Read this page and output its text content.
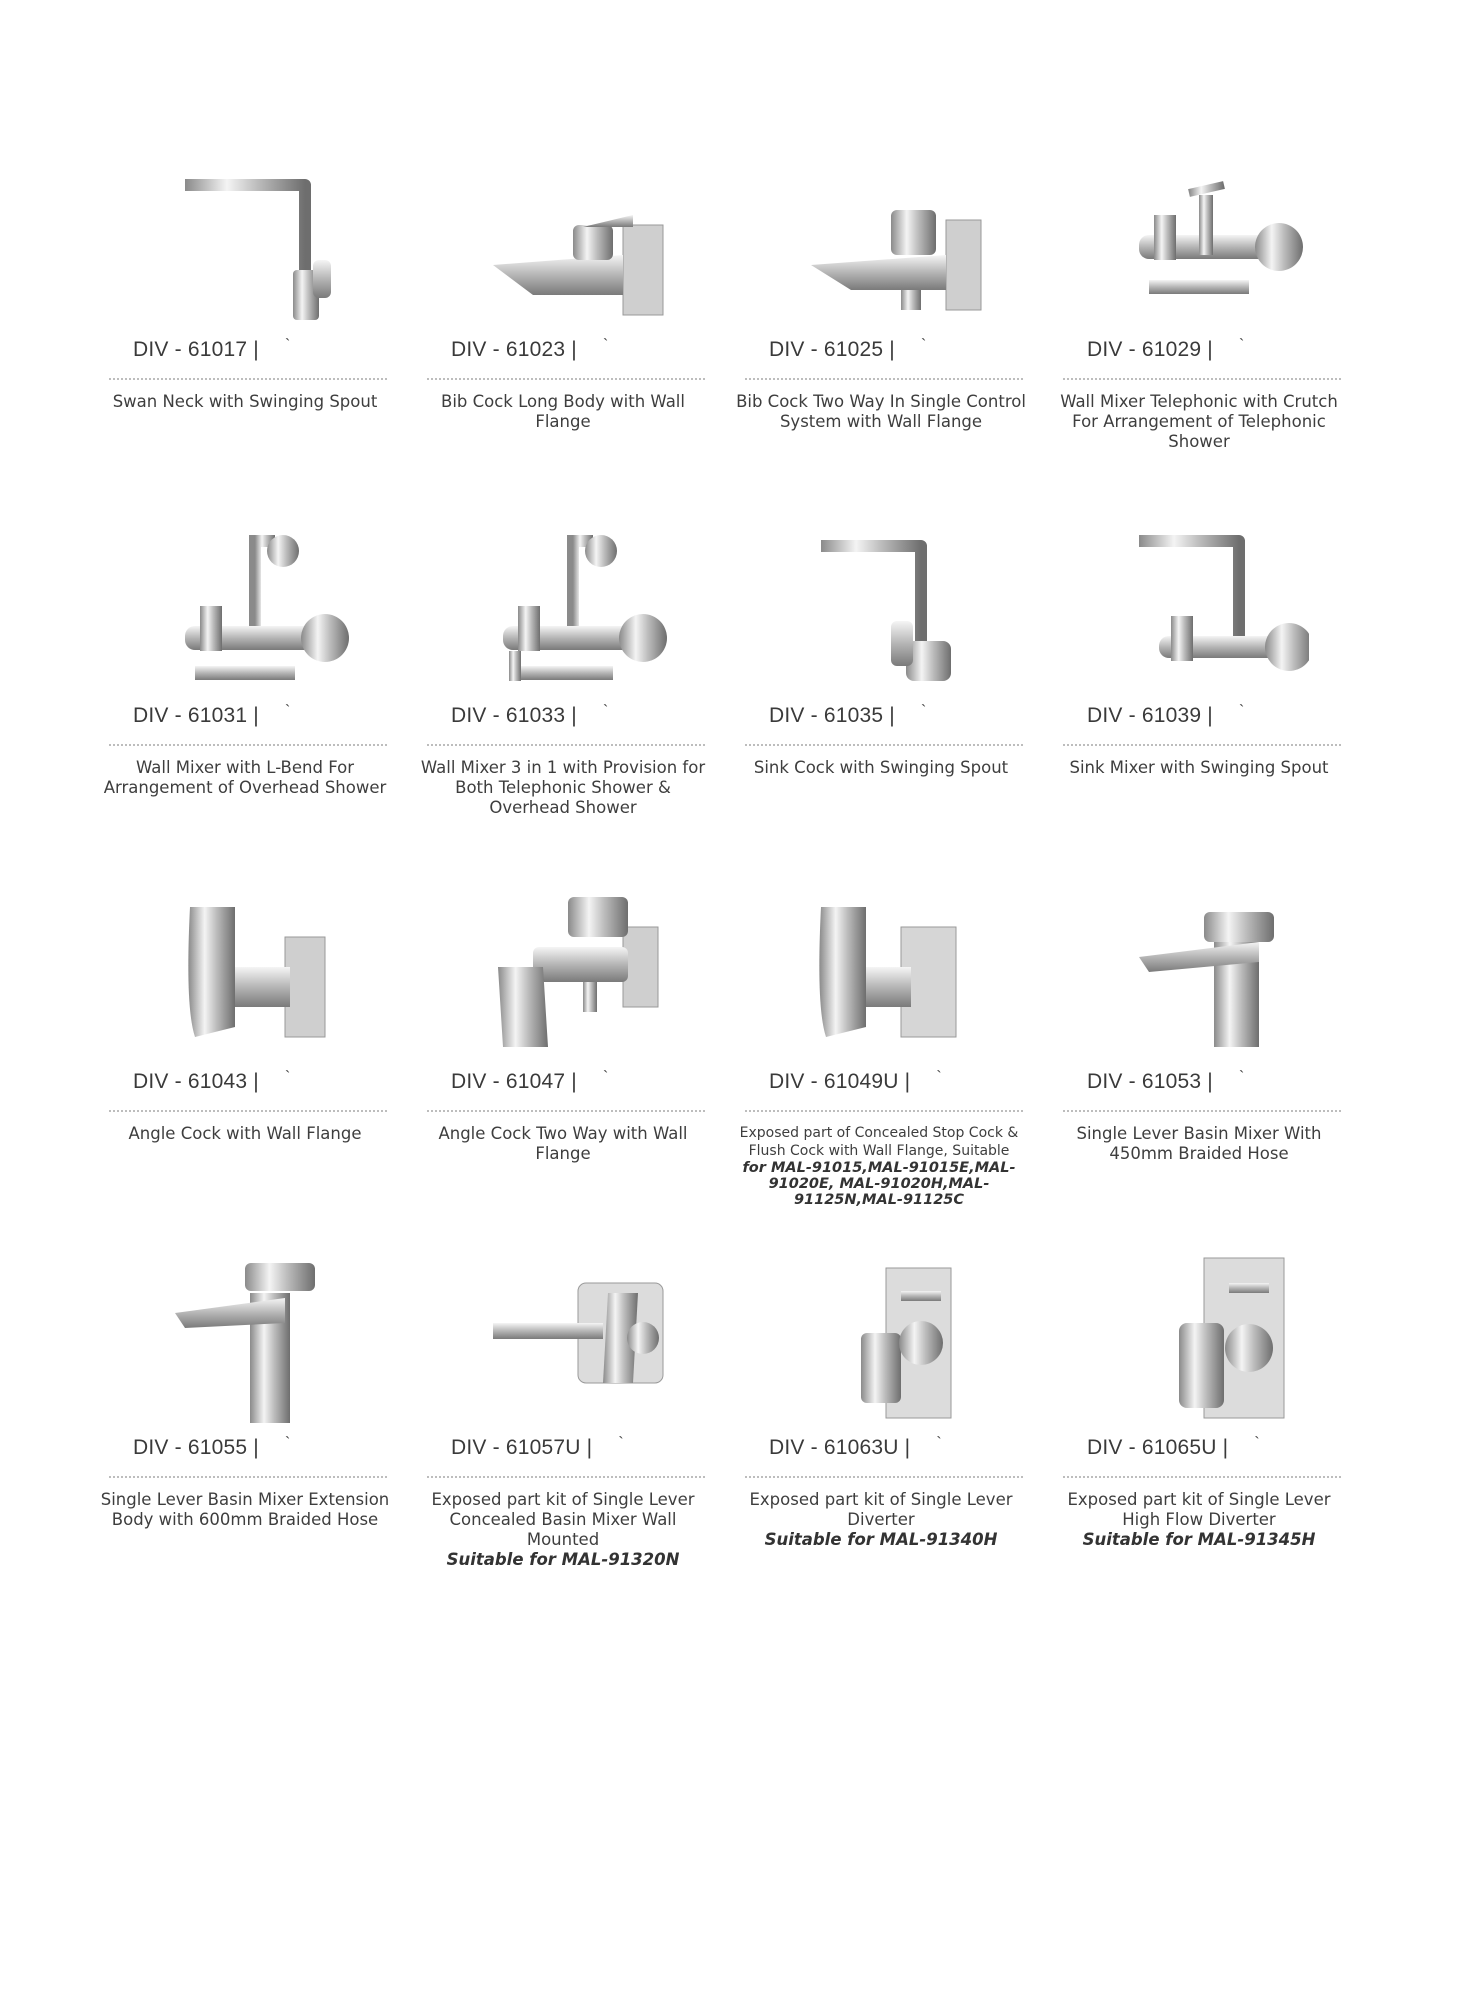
DIV - 61017 | `
Swan Neck with Swinging Spout
DIV - 61023 | `
Bib Cock Long Body with Wall Flange
DIV - 61025 | `
Bib Cock Two Way In Single Control System with Wall Flange
DIV - 61029 | `
Wall Mixer Telephonic with Crutch For Arrangement of Telephonic Shower
DIV - 61031 | `
Wall Mixer with L-Bend For Arrangement of Overhead Shower
DIV - 61033 | `
Wall Mixer 3 in 1 with Provision for Both Telephonic Shower & Overhead Shower
DIV - 61035 | `
Sink Cock with Swinging Spout
DIV - 61039 | `
Sink Mixer with Swinging Spout
DIV - 61043 | `
Angle Cock with Wall Flange
DIV - 61047 | `
Angle Cock Two Way with Wall Flange
DIV - 61049U | `
Exposed part of Concealed Stop Cock & Flush Cock with Wall Flange, Suitable

for MAL-91015,MAL-91015E,MAL-91020E, MAL-91020H,MAL-91125N,MAL-91125C
DIV - 61053 | `
Single Lever Basin Mixer With 450mm Braided Hose
DIV - 61055 | `
Single Lever Basin Mixer Extension Body with 600mm Braided Hose
DIV - 61057U | `
Exposed part kit of Single Lever Concealed Basin Mixer Wall Mounted
Suitable for MAL-91320N
DIV - 61063U | `
Exposed part kit of Single Lever Diverter
Suitable for MAL-91340H
DIV - 61065U | `
Exposed part kit of Single Lever High Flow Diverter
Suitable for MAL-91345H
